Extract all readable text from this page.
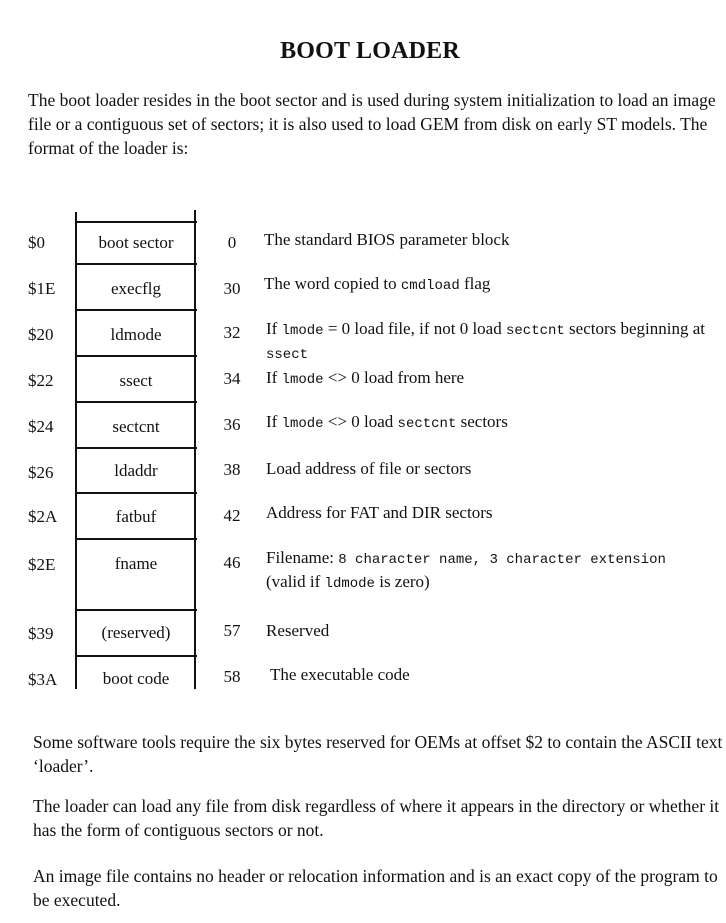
BOOT LOADER

The boot loader resides in the boot sector and is used during system initialization to load an image file or a contiguous set of sectors; it is also used to load GEM from disk on early ST models. The format of the loader is:

$0	boot sector	0	The standard BIOS parameter block
$1E	execflg	30	The word copied to cmdload flag
$20	ldmode	32	If lmode = 0 load file, if not 0 load sectcnt sectors beginning at ssect
$22	ssect	34	If lmode <> 0 load from here
$24	sectcnt	36	If lmode <> 0 load sectcnt sectors
$26	ldaddr	38	Load address of file or sectors
$2A	fatbuf	42	Address for FAT and DIR sectors
$2E	fname	46	Filename: 8 character name, 3 character extension (valid if ldmode is zero)
$39	(reserved)	57	Reserved
$3A	boot code	58	The executable code

Some software tools require the six bytes reserved for OEMs at offset $2 to contain the ASCII text ‘loader’.

The loader can load any file from disk regardless of where it appears in the directory or whether it has the form of contiguous sectors or not.

An image file contains no header or relocation information and is an exact copy of the program to be executed.
